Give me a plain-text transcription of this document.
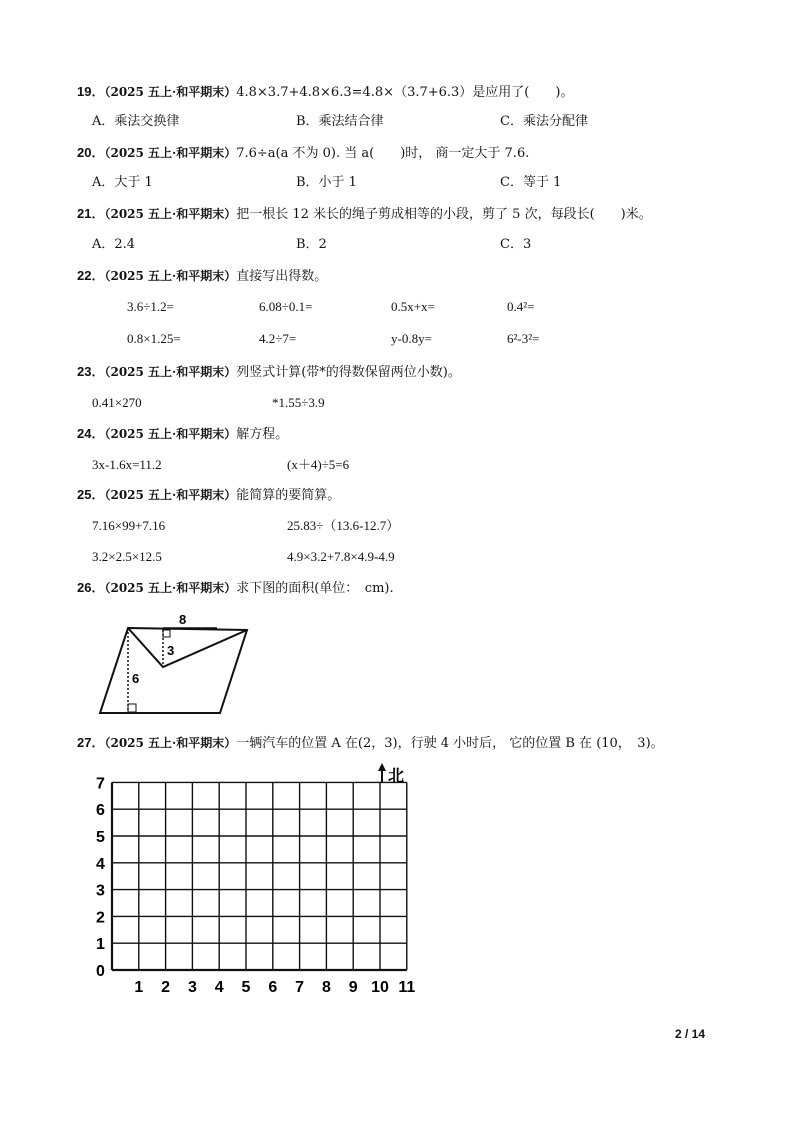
19．（2025 五上·和平期末）4.8×3.7+4.8×6.3=4.8×（3.7+6.3）是应用了(　　)。
A．乘法交换律	B．乘法结合律	C．乘法分配律
20．（2025 五上·和平期末）7.6÷a(a 不为 0). 当 a(　　)时， 商一定大于 7.6.
A．大于 1	B．小于 1	C．等于 1
21．（2025 五上·和平期末）把一根长 12 米长的绳子剪成相等的小段，剪了 5 次，每段长(　　)米。
A．2.4	B．2	C．3
22．（2025 五上·和平期末）直接写出得数。
3.6÷1.2=	6.08÷0.1=	0.5x+x=	0.4²=
0.8×1.25=	4.2÷7=	y-0.8y=	6²-3²=
23．（2025 五上·和平期末）列竖式计算(带*的得数保留两位小数)。
0.41×270	*1.55÷3.9
24．（2025 五上·和平期末）解方程。
3x-1.6x=11.2	(x＋4)÷5=6
25．（2025 五上·和平期末）能简算的要简算。
7.16×99+7.16	25.83÷（13.6-12.7）
3.2×2.5×12.5	4.9×3.2+7.8×4.9-4.9
26．（2025 五上·和平期末）求下图的面积(单位：　cm).
8
3
6
27．（2025 五上·和平期末）一辆汽车的位置 A 在(2，3)，行驶 4 小时后， 它的位置 B 在 (10，　3)。
7
6
5
4
3
2
1
0
1 2 3 4 5 6 7 8 9 10 11
北
2 / 14
